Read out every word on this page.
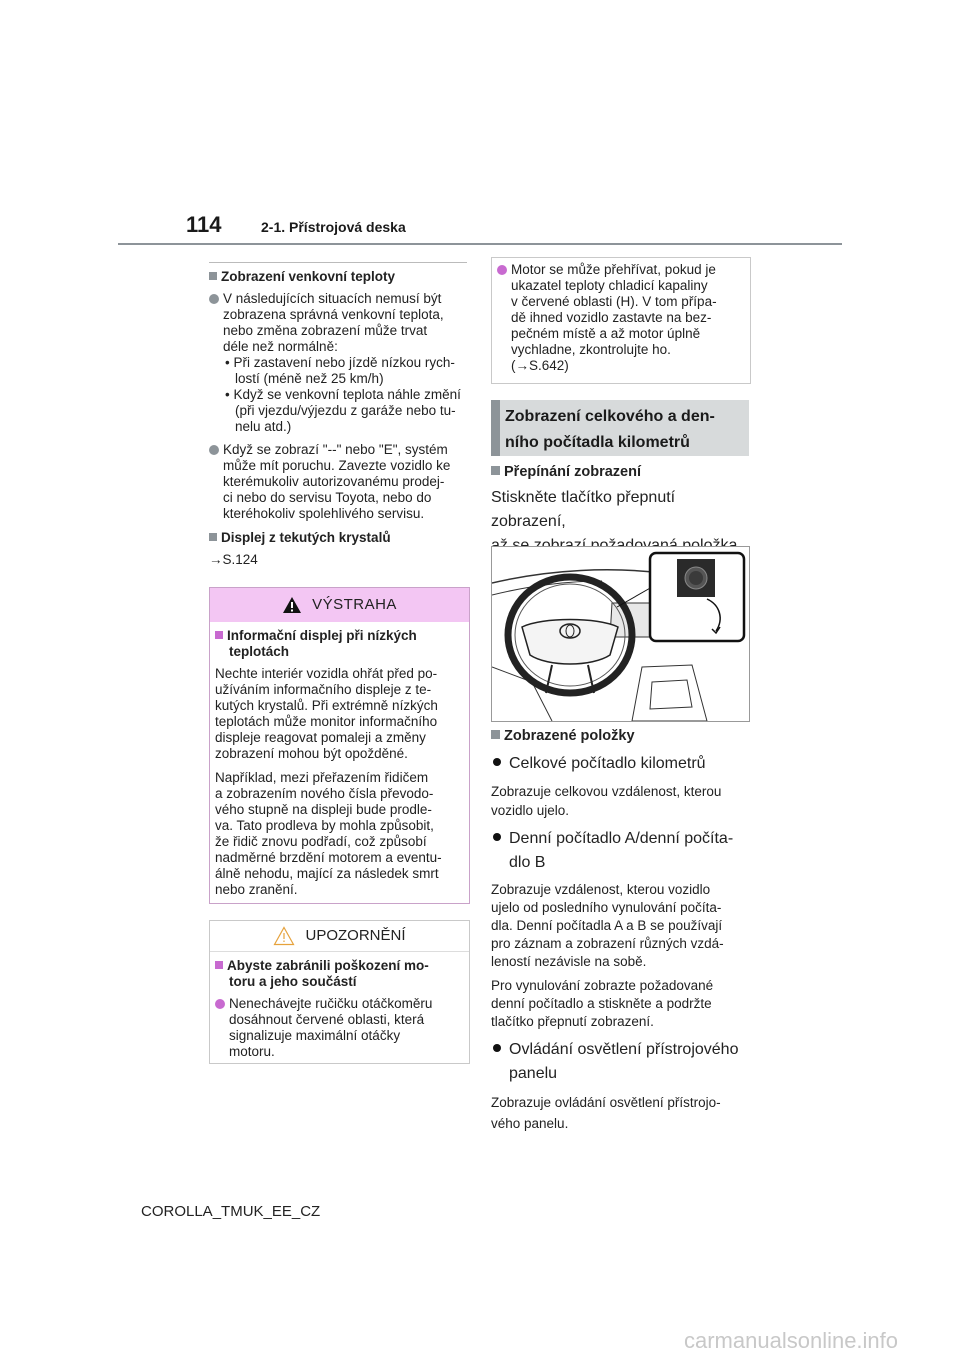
114	2-1. Přístrojová deska

Zobrazení venkovní teploty

V následujících situacích nemusí být
zobrazena správná venkovní teplota,
nebo změna zobrazení může trvat
déle než normálně:

• Při zastavení nebo jízdě nízkou rych-
lostí (méně než 25 km/h)

• Když se venkovní teplota náhle změní
(při vjezdu/výjezdu z garáže nebo tu-
nelu atd.)

Když se zobrazí "--" nebo "E", systém
může mít poruchu. Zavezte vozidlo ke
kterémukoliv autorizovanému prodej-
ci nebo do servisu Toyota, nebo do
kteréhokoliv spolehlivého servisu.

Displej z tekutých krystalů

→S.124

VÝSTRAHA

Informační displej při nízkých
teplotách

Nechte interiér vozidla ohřát před po-
užíváním informačního displeje z te-
kutých krystalů. Při extrémně nízkých
teplotách může monitor informačního
displeje reagovat pomaleji a změny
zobrazení mohou být opožděné.

Například, mezi přeřazením řidičem
a zobrazením nového čísla převodo-
vého stupně na displeji bude prodle-
va. Tato prodleva by mohla způsobit,
že řidič znovu podřadí, což způsobí
nadměrné brzdění motorem a eventu-
álně nehodu, mající za následek smrt
nebo zranění.

UPOZORNĚNÍ

Abyste zabránili poškození mo-
toru a jeho součástí

Nenechávejte ručičku otáčkoměru
dosáhnout červené oblasti, která
signalizuje maximální otáčky
motoru.

Motor se může přehřívat, pokud je
ukazatel teploty chladicí kapaliny
v červené oblasti (H). V tom přípa-
dě ihned vozidlo zastavte na bez-
pečném místě a až motor úplně
vychladne, zkontrolujte ho.
(→S.642)

Zobrazení celkového a den-
ního počítadla kilometrů

Přepínání zobrazení

Stiskněte tlačítko přepnutí zobrazení,

Zobrazené položky

Celkové počítadlo kilometrů

Zobrazuje celkovou vzdálenost, kterou
vozidlo ujelo.

Denní počítadlo A/denní počíta-
dlo B

Zobrazuje vzdálenost, kterou vozidlo
ujelo od posledního vynulování počíta-
dla. Denní počítadla A a B se používají
pro záznam a zobrazení různých vzdá-
leností nezávisle na sobě.

Pro vynulování zobrazte požadované
denní počítadlo a stiskněte a podržte
tlačítko přepnutí zobrazení.

Ovládání osvětlení přístrojového
panelu

Zobrazuje ovládání osvětlení přístrojo-
vého panelu.

COROLLA_TMUK_EE_CZ
carmanualsonline.info
